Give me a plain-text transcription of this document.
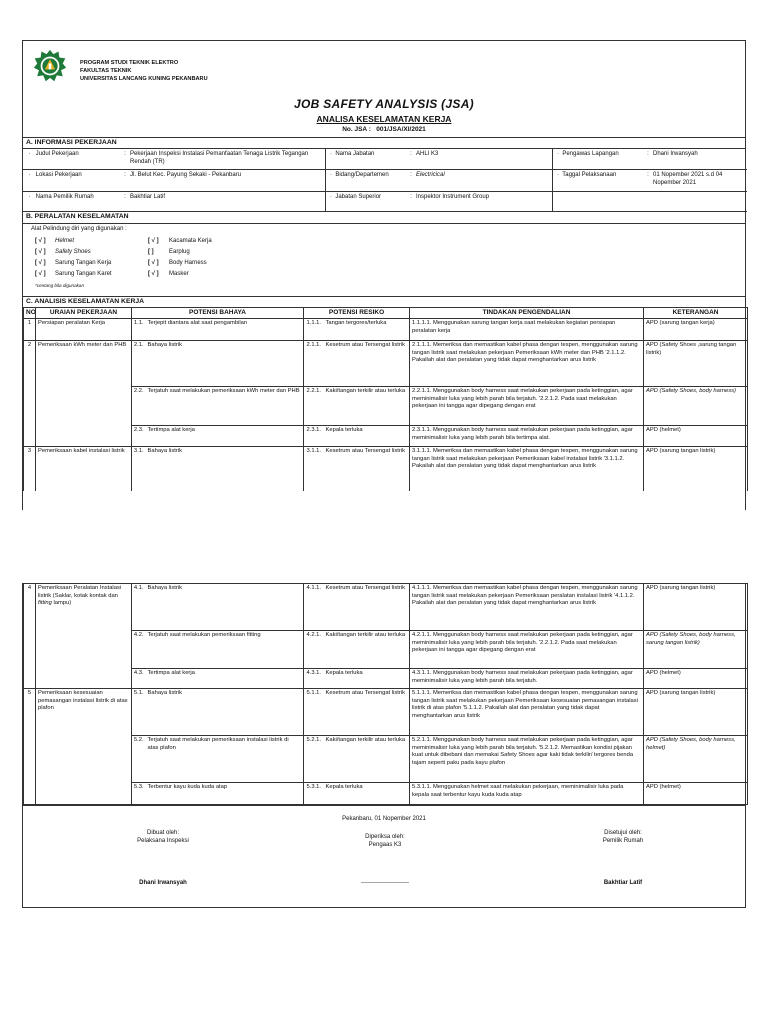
PROGRAM STUDI TEKNIK ELEKTRO
FAKULTAS TEKNIK
UNIVERSITAS LANCANG KUNING PEKANBARU
JOB SAFETY ANALYSIS (JSA)
ANALISA KESELAMATAN KERJA
No. JSA : 001/JSA/XI/2021
A. INFORMASI PEKERJAAN
·   Judul Pekerjaan	: Pekerjaan Inspeksi Instalasi Pemanfaatan Tenaga Listrik Tegangan Rendah (TR)
·  Nama Jabatan	: AHLI K3	·  Pengawas Lapangan	: Dhani Irwansyah
·   Lokasi Pekerjaan	: Jl. Belut Kec. Payung Sekaki - Pekanbaru	·  Bidang/Departemen	: Electricical	·  Taggal Pelaksanaan	: 01 Nopember 2021 s.d 04 Nopember 2021
·   Nama Pemilik Rumah	: Bakhtiar Latif	·  Jabatan Superior	: Inspektor Instrument Group
B. PERALATAN KESELAMATAN
Alat Pelindung diri yang digunakan :
[ √ ]	Helmet	[ √ ]	Kacamata Kerja
[ √ ]	Safety Shoes	[ ]	Earplug
[ √ ]	Sarung Tangan Kerja	[ √ ]	Body Harness
[ √ ]	Sarung Tangan Karet	[ √ ]	Masker
*centang bila digunakan
C. ANALISIS KESELAMATAN KERJA
NO	URAIAN PEKERJAAN	POTENSI BAHAYA		POTENSI RESIKO		TINDAKAN PENGENDALIAN	KETERANGAN
1	Persiapan peralatan Kerja	1.1.	Terjepit diantara alat saat pengambilan	1.1.1.	Tangan tergores/terluka	1.1.1.1. Menggunakan sarung tangan kerja saat melakukan kegiatan persiapan peralatan kerja	APD (sarung tangan kerja)
2	Pemeriksaan kWh meter dan PHB	2.1.	Bahaya listrik	2.1.1.	Kesetrum atau Tersengat listrik	2.1.1.1. Memeriksa dan memastikan kabel phasa dengan tespen, menggunakan sarung tangan listrik saat melakukan pekerjaan Pemeriksaan kWh meter dan PHB '2.1.1.2. Pakailah alat dan peralatan yang tidak dapat menghantarkan arus listrik	APD (Safety Shoes ,sarung tangan listrik)
		2.2.	Terjatuh saat melakukan pemeriksaan kWh meter dan PHB	2.2.1.	Kaki/tangan terkilir atau terluka	2.2.1.1. Menggunakan body harness saat melakukan pekerjaan pada ketinggian, agar meminimalisir luka yang lebih parah bila terjatuh. '2.2.1.2. Pada saat melakukan pekerjaan ini tangga agar dipegang dengan erat	APD (Safety Shoes, body harness)
		2.3.	Tertimpa alat kerja	2.3.1.	Kepala terluka	2.3.1.1. Menggunakan body harness saat melakukan pekerjaan pada ketinggian, agar meminimalisir luka yang lebih parah bila tertimpa alat.	APD (helmet)
3	Pemeriksaan kabel instalasi listrik	3.1.	Bahaya listrik	3.1.1.	Kesetrum atau Tersengat listrik	3.1.1.1. Memeriksa dan memastikan kabel phasa dengan tespen, menggunakan sarung tangan listrik saat melakukan pekerjaan Pemeriksaan kabel instalasi listrik '3.1.1.2. Pakailah alat dan peralatan yang tidak dapat menghantarkan arus listrik	APD (sarung tangan listrik)
4	Pemeriksaan Peralatan Instalasi listrik (Saklar, kotak kontak dan fitting lampu)	4.1.	Bahaya listrik	4.1.1.	Kesetrum atau Tersengat listrik	4.1.1.1. Memeriksa dan memastikan kabel phasa dengan tespen, menggunakan sarung tangan listrik saat melakukan pekerjaan Pemeriksaan peralatan instalasi listrik '4.1.1.2. Pakailah alat dan peralatan yang tidak dapat menghantarkan arus listrik	APD (sarung tangan listrik)
		4.2.	Terjatuh saat melakukan pemeriksaan fitting	4.2.1.	Kaki/tangan terkilir atau terluka	4.2.1.1. Menggunakan body harness saat melakukan pekerjaan pada ketinggian, agar meminimalisir luka yang lebih parah bila terjatuh. '2.2.1.2. Pada saat melakukan pekerjaan ini tangga agar dipegang dengan erat	APD (Safety Shoes, body harness, sarung tangan listrik)
		4.3.	Tertimpa alat kerja	4.3.1.	Kepala terluka	4.3.1.1. Menggunakan body harness saat melakukan pekerjaan pada ketinggian, agar meminimalisir luka yang lebih parah bila terjatuh.	APD (helmet)
5	Pemeriksaan kesesuaian pemasangan instalasi listrik di atas plafon	5.1.	Bahaya listrik	5.1.1.	Kesetrum atau Tersengat listrik	5.1.1.1. Memeriksa dan memastikan kabel phasa dengan tespen, menggunakan sarung tangan listrik saat melakukan pekerjaan Pemeriksaan kesesuaian pemasangan instalasi listrik di atas plafon '5.1.1.2. Pakailah alat dan peralatan yang tidak dapat menghantarkan arus listrik	APD (sarung tangan listrik)
		5.2.	Terjatuh saat melakukan pemeriksaan instalasi listrik di atas plafon	5.2.1.	Kaki/tangan terkilir atau terluka	5.2.1.1. Menggunakan body harness saat melakukan pekerjaan pada ketinggian, agar meminimalisir luka yang lebih parah bila terjatuh. '5.2.1.2. Memastikan kondisi pijakan kuat untuk dibebani dan memakai Safety Shoes agar kaki tidak terkilir/ tergores benda tajam seperti paku pada kayu plafon	APD (Safety Shoes, body harness, helmet)
		5.3.	Terbentur kayu kuda kuda atap	5.3.1.	Kepala terluka	5.3.1.1. Menggunakan helmet saat melakukan pekerjaan, meminimalisir luka pada kepala saat terbentur kayu kuda kuda atap	APD (helmet)
Pekanbaru, 01 Nopember 2021
Dibuat oleh:
Pelaksana Inspeksi
Diperiksa oleh:
Pengaas K3
Disetujui oleh:
Pemilik Rumah
Dhani Irwansyah	------------------------	Bakhtiar Latif
